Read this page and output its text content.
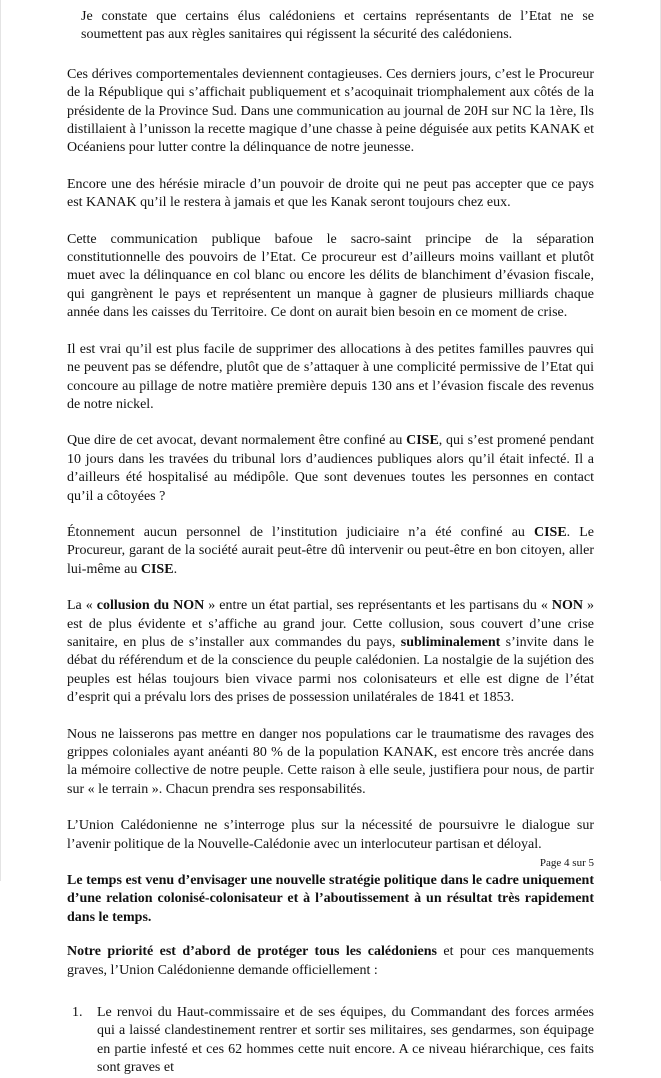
Je constate que certains élus calédoniens et certains représentants de l’Etat ne se soumettent pas aux règles sanitaires qui régissent la sécurité des calédoniens.

Ces dérives comportementales deviennent contagieuses. Ces derniers jours, c’est le Procureur de la République qui s’affichait publiquement et s’acoquinait triomphalement aux côtés de la présidente de la Province Sud. Dans une communication au journal de 20H sur NC la 1ère, Ils distillaient à l’unisson la recette magique d’une chasse à peine déguisée aux petits KANAK et Océaniens pour lutter contre la délinquance de notre jeunesse.

Encore une des hérésie miracle d’un pouvoir de droite qui ne peut pas accepter que ce pays est KANAK qu’il le restera à jamais et que les Kanak seront toujours chez eux.

Cette communication publique bafoue le sacro-saint principe de la séparation constitutionnelle des pouvoirs de l’Etat. Ce procureur est d’ailleurs moins vaillant et plutôt muet avec la délinquance en col blanc ou encore les délits de blanchiment d’évasion fiscale, qui gangrènent le pays et représentent un manque à gagner de plusieurs milliards chaque année dans les caisses du Territoire. Ce dont on aurait bien besoin en ce moment de crise.

Il est vrai qu’il est plus facile de supprimer des allocations à des petites familles pauvres qui ne peuvent pas se défendre, plutôt que de s’attaquer à une complicité permissive de l’Etat qui concoure au pillage de notre matière première depuis 130 ans et l’évasion fiscale des revenus de notre nickel.

Que dire de cet avocat, devant normalement être confiné au CISE, qui s’est promené pendant 10 jours dans les travées du tribunal lors d’audiences publiques alors qu’il était infecté. Il a d’ailleurs été hospitalisé au médipôle. Que sont devenues toutes les personnes en contact qu’il a côtoyées ?

Étonnement aucun personnel de l’institution judiciaire n’a été confiné au CISE. Le Procureur, garant de la société aurait peut-être dû intervenir ou peut-être en bon citoyen, aller lui-même au CISE.

La « collusion du NON » entre un état partial, ses représentants et les partisans du « NON » est de plus évidente et s’affiche au grand jour. Cette collusion, sous couvert d’une crise sanitaire, en plus de s’installer aux commandes du pays, subliminalement s’invite dans le débat du référendum et de la conscience du peuple calédonien. La nostalgie de la sujétion des peuples est hélas toujours bien vivace parmi nos colonisateurs et elle est digne de l’état d’esprit qui a prévalu lors des prises de possession unilatérales de 1841 et 1853.

Nous ne laisserons pas mettre en danger nos populations car le traumatisme des ravages des grippes coloniales ayant anéanti 80 % de la population KANAK, est encore très ancrée dans la mémoire collective de notre peuple. Cette raison à elle seule, justifiera pour nous, de partir sur « le terrain ». Chacun prendra ses responsabilités.

L’Union Calédonienne ne s’interroge plus sur la nécessité de poursuivre le dialogue sur l’avenir politique de la Nouvelle-Calédonie avec un interlocuteur partisan et déloyal.

Le temps est venu d’envisager une nouvelle stratégie politique dans le cadre uniquement d’une relation colonisé-colonisateur et à l’aboutissement à un résultat très rapidement dans le temps.

Notre priorité est d’abord de protéger tous les calédoniens et pour ces manquements graves, l’Union Calédonienne demande officiellement :

1. Le renvoi du Haut-commissaire et de ses équipes, du Commandant des forces armées qui a laissé clandestinement rentrer et sortir ses militaires, ses gendarmes, son équipage en partie infesté et ces 62 hommes cette nuit encore. A ce niveau hiérarchique, ces faits sont graves et
Page 4 sur 5
